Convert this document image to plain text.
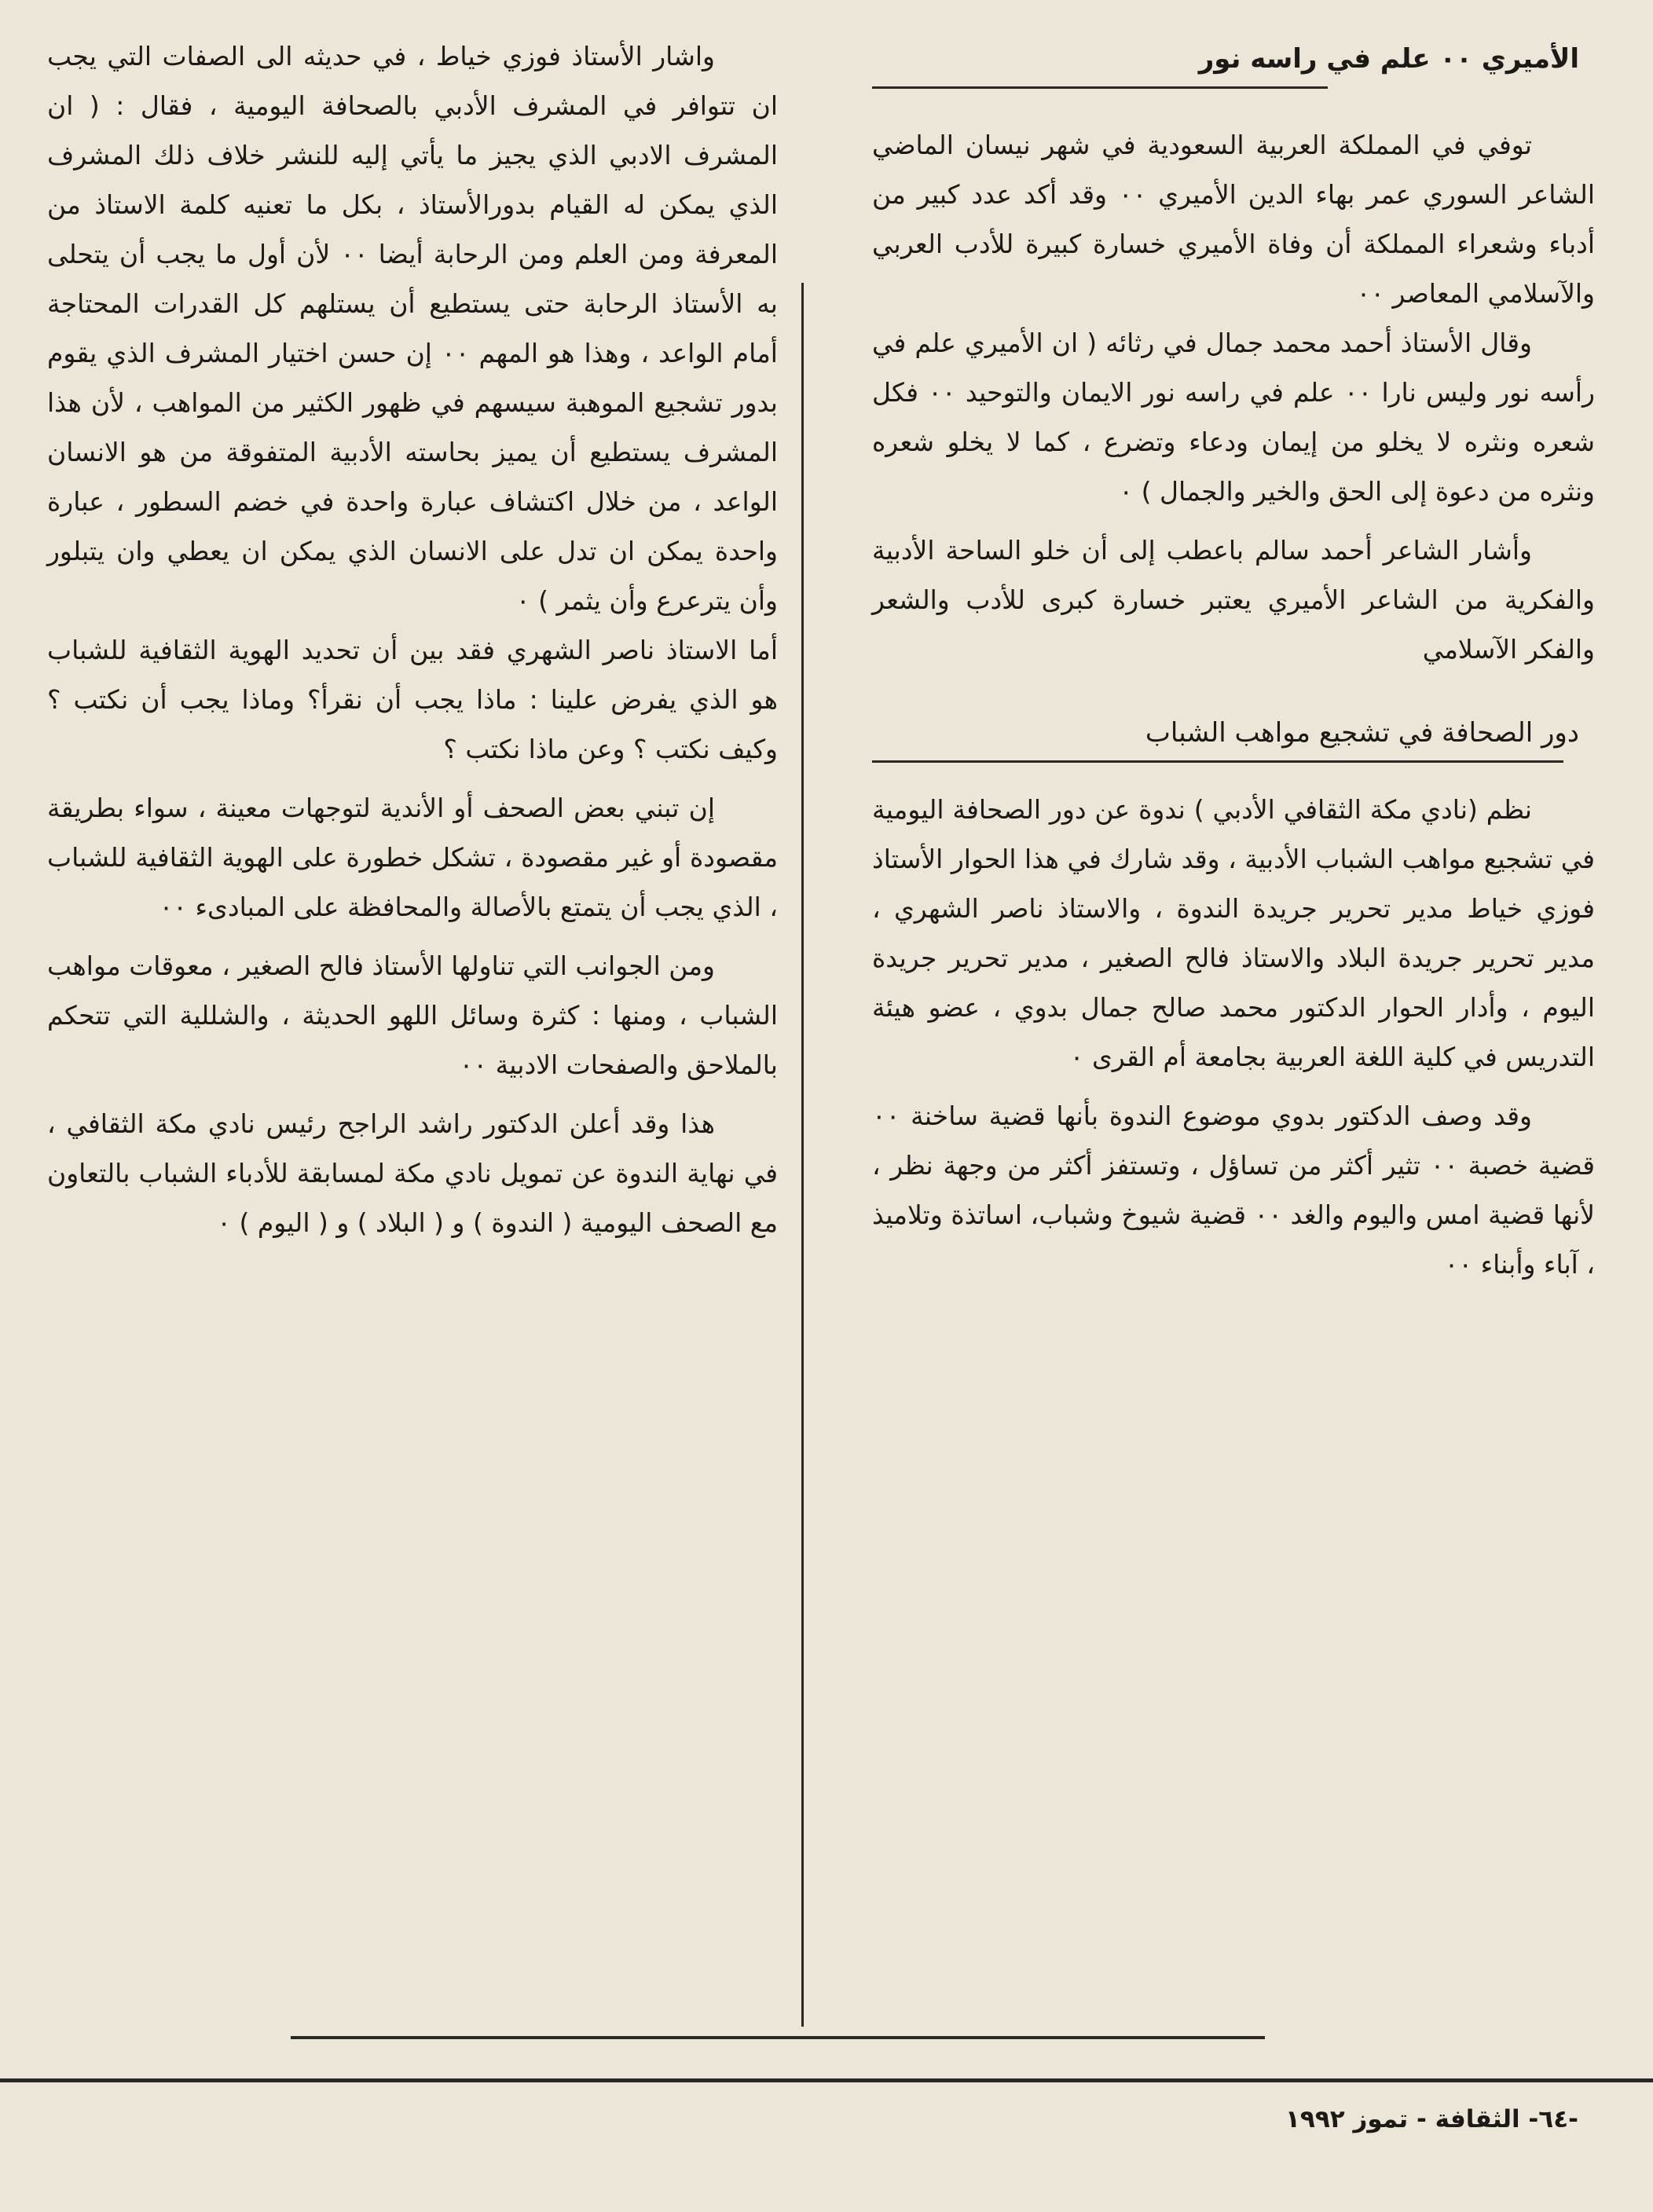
الأميري ٠٠ علم في راسه نور

توفي في المملكة العربية السعودية في شهر نيسان الماضي الشاعر السوري عمر بهاء الدين الأميري ٠٠ وقد أكد عدد كبير من أدباء وشعراء المملكة أن وفاة الأميري خسارة كبيرة للأدب العربي والآسلامي المعاصر ٠٠

وقال الأستاذ أحمد محمد جمال في رثائه ( ان الأميري علم في رأسه نور وليس نارا ٠٠ علم في راسه نور الايمان والتوحيد ٠٠ فكل شعره ونثره لا يخلو من إيمان ودعاء وتضرع ، كما لا يخلو شعره ونثره من دعوة إلى الحق والخير والجمال ) ٠

وأشار الشاعر أحمد سالم باعطب إلى أن خلو الساحة الأدبية والفكرية من الشاعر الأميري يعتبر خسارة كبرى للأدب والشعر والفكر الآسلامي

دور الصحافة في تشجيع مواهب الشباب

نظم (نادي مكة الثقافي الأدبي ) ندوة عن دور الصحافة اليومية في تشجيع مواهب الشباب الأدبية ، وقد شارك في هذا الحوار الأستاذ فوزي خياط مدير تحرير جريدة الندوة ، والاستاذ ناصر الشهري ، مدير تحرير جريدة البلاد والاستاذ فالح الصغير ، مدير تحرير جريدة اليوم ، وأدار الحوار الدكتور محمد صالح جمال بدوي ، عضو هيئة التدريس في كلية اللغة العربية بجامعة أم القرى ٠

وقد وصف الدكتور بدوي موضوع الندوة بأنها قضية ساخنة ٠٠ قضية خصبة ٠٠ تثير أكثر من تساؤل ، وتستفز أكثر من وجهة نظر ، لأنها قضية امس واليوم والغد ٠٠ قضية شيوخ وشباب، اساتذة وتلاميذ ، آباء وأبناء ٠٠

واشار الأستاذ فوزي خياط ، في حديثه الى الصفات التي يجب ان تتوافر في المشرف الأدبي بالصحافة اليومية ، فقال : ( ان المشرف الادبي الذي يجيز ما يأتي إليه للنشر خلاف ذلك المشرف الذي يمكن له القيام بدورالأستاذ ، بكل ما تعنيه كلمة الاستاذ من المعرفة ومن العلم ومن الرحابة أيضا ٠٠ لأن أول ما يجب أن يتحلى به الأستاذ الرحابة حتى يستطيع أن يستلهم كل القدرات المحتاجة أمام الواعد ، وهذا هو المهم ٠٠ إن حسن اختيار المشرف الذي يقوم بدور تشجيع الموهبة سيسهم في ظهور الكثير من المواهب ، لأن هذا المشرف يستطيع أن يميز بحاسته الأدبية المتفوقة من هو الانسان الواعد ، من خلال اكتشاف عبارة واحدة في خضم السطور ، عبارة واحدة يمكن ان تدل على الانسان الذي يمكن ان يعطي وان يتبلور وأن يترعرع وأن يثمر ) ٠

أما الاستاذ ناصر الشهري فقد بين أن تحديد الهوية الثقافية للشباب هو الذي يفرض علينا : ماذا يجب أن نقرأ؟ وماذا يجب أن نكتب ؟ وكيف نكتب ؟ وعن ماذا نكتب ؟

إن تبني بعض الصحف أو الأندية لتوجهات معينة ، سواء بطريقة مقصودة أو غير مقصودة ، تشكل خطورة على الهوية الثقافية للشباب ، الذي يجب أن يتمتع بالأصالة والمحافظة على المبادىء ٠٠

ومن الجوانب التي تناولها الأستاذ فالح الصغير ، معوقات مواهب الشباب ، ومنها : كثرة وسائل اللهو الحديثة ، والشللية التي تتحكم بالملاحق والصفحات الادبية ٠٠

هذا وقد أعلن الدكتور راشد الراجح رئيس نادي مكة الثقافي ، في نهاية الندوة عن تمويل نادي مكة لمسابقة للأدباء الشباب بالتعاون مع الصحف اليومية ( الندوة ) و ( البلاد ) و ( اليوم ) ٠

-٦٤- الثقافة - تموز ١٩٩٢
